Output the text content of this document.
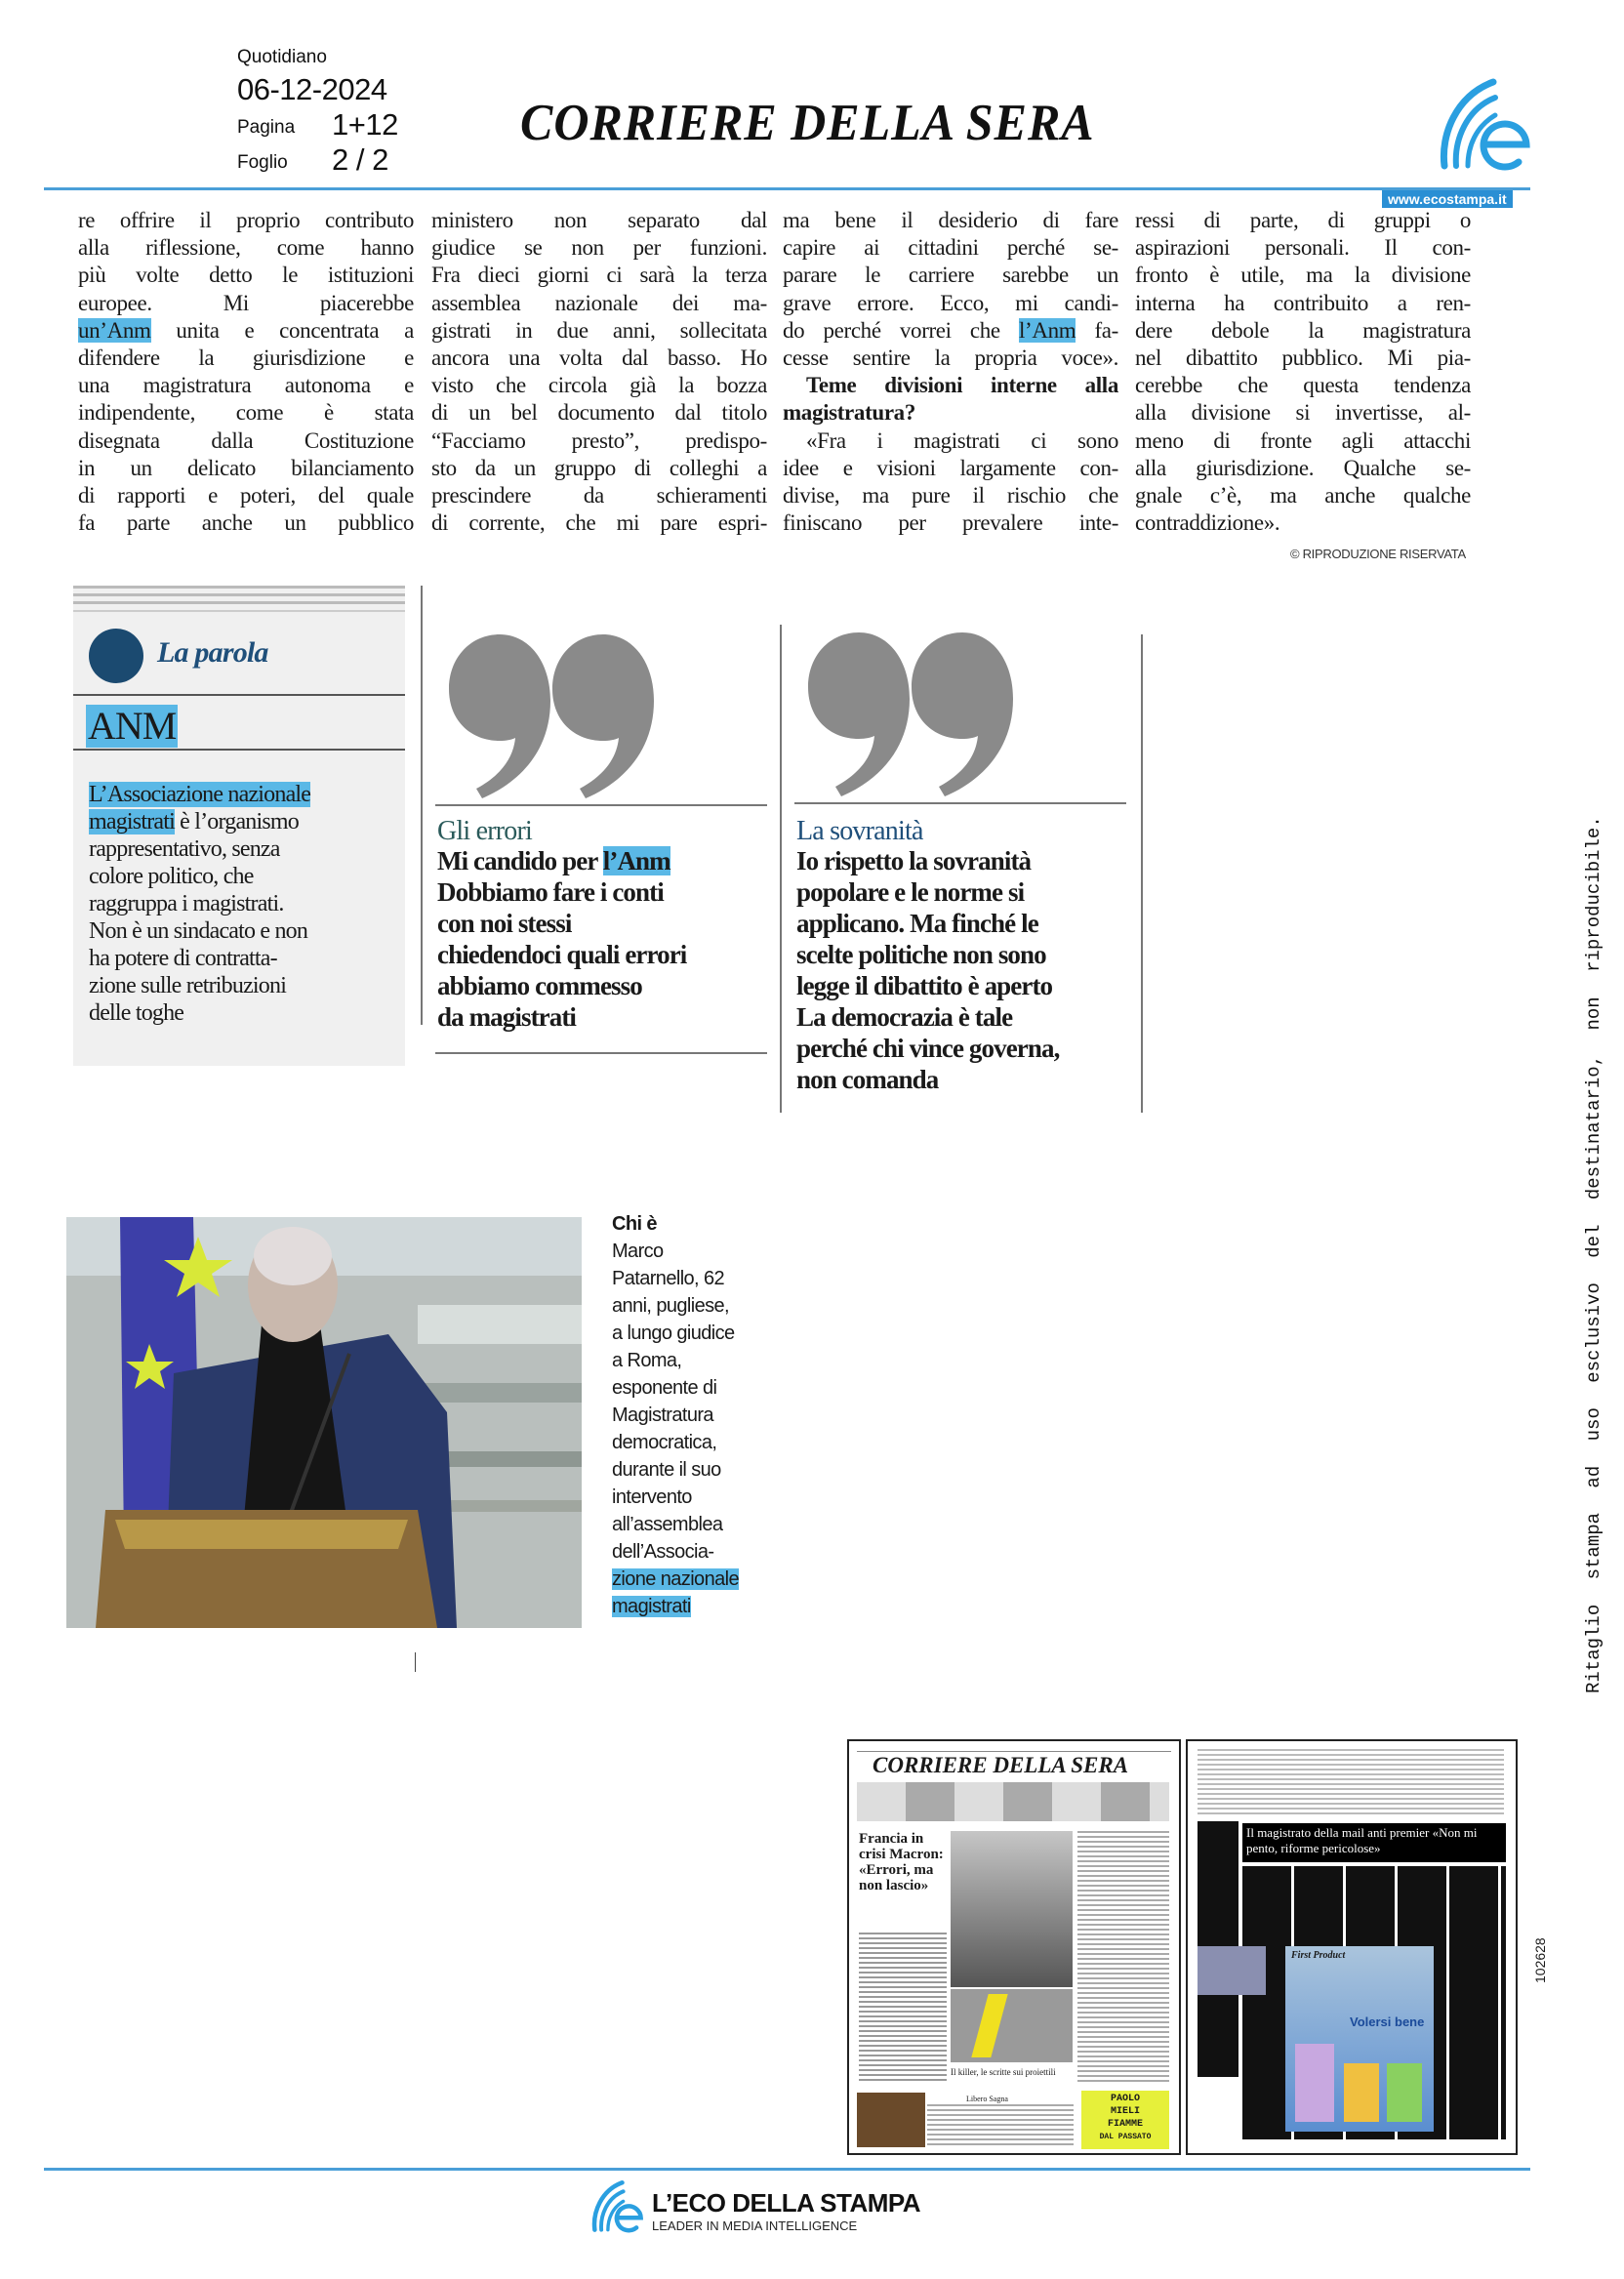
Quotidiano
06-12-2024
Pagina 1+12
Foglio 2 / 2
CORRIERE DELLA SERA
www.ecostampa.it
re offrire il proprio contributo
alla riflessione, come hanno
più volte detto le istituzioni
europee. Mi piacerebbe
un’Anm unita e concentrata a
difendere la giurisdizione e
una magistratura autonoma e
indipendente, come è stata
disegnata dalla Costituzione
in un delicato bilanciamento
di rapporti e poteri, del quale
fa parte anche un pubblico
ministero non separato dal
giudice se non per funzioni.
Fra dieci giorni ci sarà la terza
assemblea nazionale dei ma-
gistrati in due anni, sollecitata
ancora una volta dal basso. Ho
visto che circola già la bozza
di un bel documento dal titolo
“Facciamo presto”, predispo-
sto da un gruppo di colleghi a
prescindere da schieramenti
di corrente, che mi pare espri-
ma bene il desiderio di fare
capire ai cittadini perché se-
parare le carriere sarebbe un
grave errore. Ecco, mi candi-
do perché vorrei che l’Anm fa-
cesse sentire la propria voce».
Teme divisioni interne alla
magistratura?
«Fra i magistrati ci sono
idee e visioni largamente con-
divise, ma pure il rischio che
finiscano per prevalere inte-
ressi di parte, di gruppi o
aspirazioni personali. Il con-
fronto è utile, ma la divisione
interna ha contribuito a ren-
dere debole la magistratura
nel dibattito pubblico. Mi pia-
cerebbe che questa tendenza
alla divisione si invertisse, al-
meno di fronte agli attacchi
alla giurisdizione. Qualche se-
gnale c’è, ma anche qualche
contraddizione».
© RIPRODUZIONE RISERVATA
La parola
ANM
L’Associazione nazionale
magistrati è l’organismo
rappresentativo, senza
colore politico, che
raggruppa i magistrati.
Non è un sindacato e non
ha potere di contratta-
zione sulle retribuzioni
delle toghe
Gli errori
Mi candido per l’Anm
Dobbiamo fare i conti
con noi stessi
chiedendoci quali errori
abbiamo commesso
da magistrati
La sovranità
Io rispetto la sovranità
popolare e le norme si
applicano. Ma finché le
scelte politiche non sono
legge il dibattito è aperto
La democrazia è tale
perché chi vince governa,
non comanda
Chi è
Marco
Patarnello, 62
anni, pugliese,
a lungo giudice
a Roma,
esponente di
Magistratura
democratica,
durante il suo
intervento
all’assemblea
dell’Associa-
zione nazionale
magistrati
CORRIERE DELLA SERA
Francia in crisi Macron: «Errori, ma non lascio»
Il killer, le scritte sui proiettili
Libero Sagna	PAOLO
MIELI
FIAMME
DAL PASSATO
Il magistrato della mail anti premier «Non mi pento, riforme pericolose»
First Product
Volersi bene
102628
Ritaglio stampa ad uso esclusivo del destinatario, non riproducibile.
L’ECO DELLA STAMPA
LEADER IN MEDIA INTELLIGENCE
